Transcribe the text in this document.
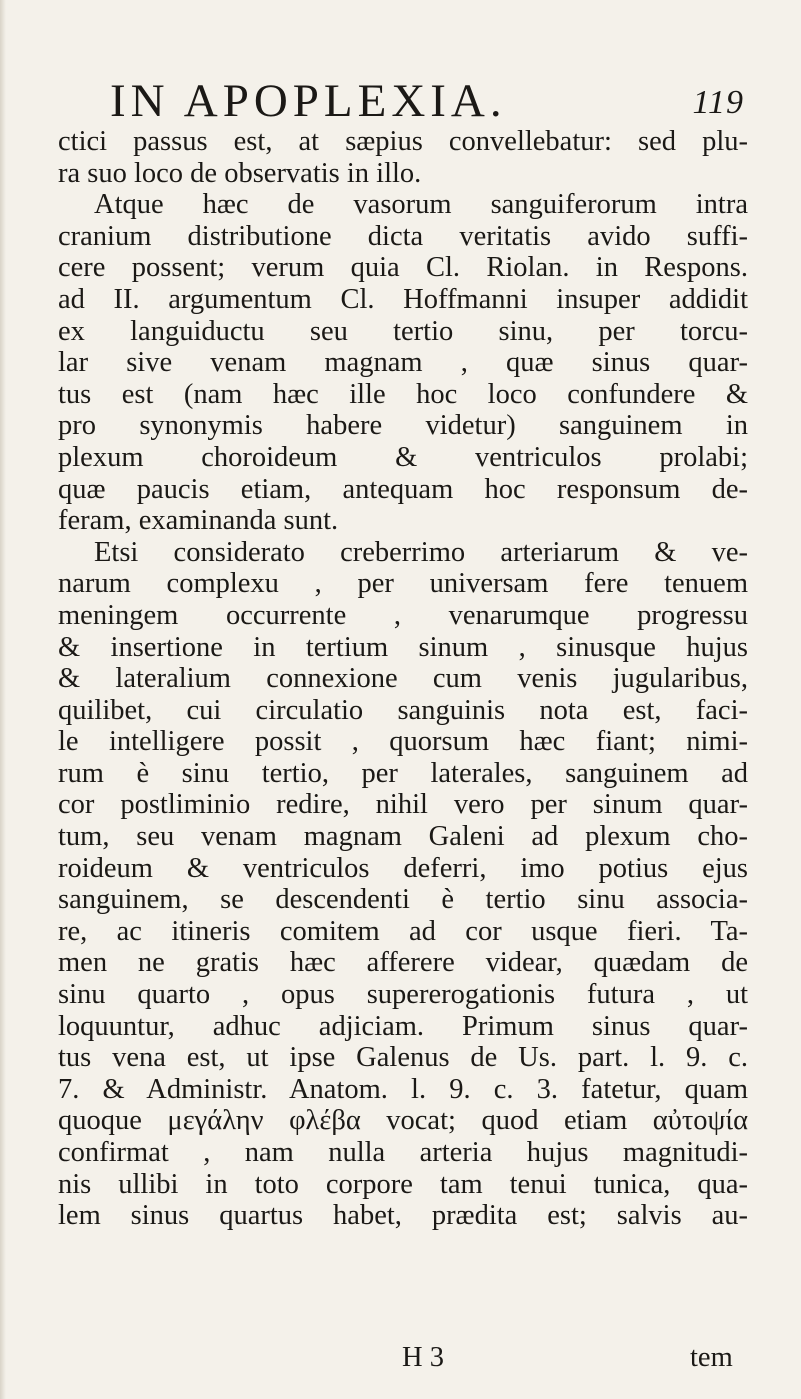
IN APOPLEXIA.	119
ctici passus est, at sæpius convellebatur: sed plu-
ra suo loco de observatis in illo.
Atque hæc de vasorum sanguiferorum intra
cranium distributione dicta veritatis avido suffi-
cere possent; verum quia Cl. Riolan. in Respons.
ad II. argumentum Cl. Hoffmanni insuper addidit
ex languiductu seu tertio sinu, per torcu-
lar sive venam magnam , quæ sinus quar-
tus est (nam hæc ille hoc loco confundere &
pro synonymis habere videtur) sanguinem in
plexum choroideum & ventriculos prolabi;
quæ paucis etiam, antequam hoc responsum de-
feram, examinanda sunt.
Etsi considerato creberrimo arteriarum & ve-
narum complexu , per universam fere tenuem
meningem occurrente , venarumque progressu
& insertione in tertium sinum , sinusque hujus
& lateralium connexione cum venis jugularibus,
quilibet, cui circulatio sanguinis nota est, faci-
le intelligere possit , quorsum hæc fiant; nimi-
rum è sinu tertio, per laterales, sanguinem ad
cor postliminio redire, nihil vero per sinum quar-
tum, seu venam magnam Galeni ad plexum cho-
roideum & ventriculos deferri, imo potius ejus
sanguinem, se descendenti è tertio sinu associa-
re, ac itineris comitem ad cor usque fieri. Ta-
men ne gratis hæc afferere videar, quædam de
sinu quarto , opus supererogationis futura , ut
loquuntur, adhuc adjiciam. Primum sinus quar-
tus vena est, ut ipse Galenus de Us. part. l. 9. c.
7. & Administr. Anatom. l. 9. c. 3. fatetur, quam
quoque μεγάλην φλέβα vocat; quod etiam αὐτοψία
confirmat , nam nulla arteria hujus magnitudi-
nis ullibi in toto corpore tam tenui tunica, qua-
lem sinus quartus habet, prædita est; salvis au-
H 3	tem
